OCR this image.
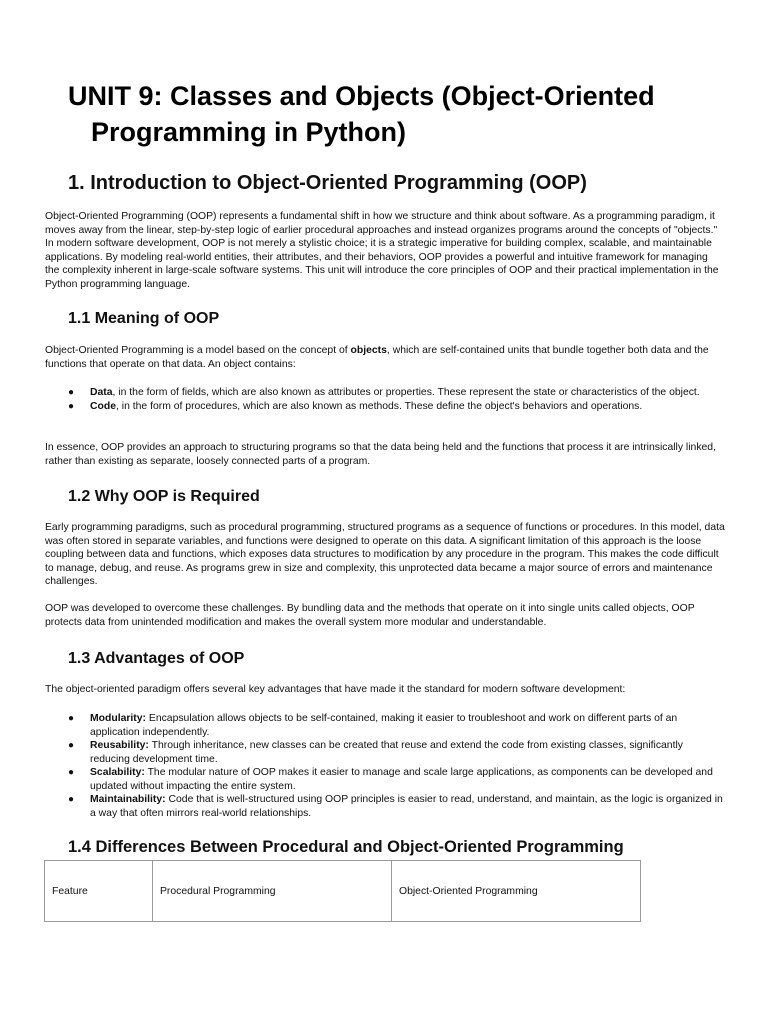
UNIT 9: Classes and Objects (Object-Oriented
Programming in Python)
1. Introduction to Object-Oriented Programming (OOP)

Object-Oriented Programming (OOP) represents a fundamental shift in how we structure and think about software. As a programming paradigm, it moves away from the linear, step-by-step logic of earlier procedural approaches and instead organizes programs around the concepts of "objects." In modern software development, OOP is not merely a stylistic choice; it is a strategic imperative for building complex, scalable, and maintainable applications. By modeling real-world entities, their attributes, and their behaviors, OOP provides a powerful and intuitive framework for managing the complexity inherent in large-scale software systems. This unit will introduce the core principles of OOP and their practical implementation in the Python programming language.

1.1 Meaning of OOP

Object-Oriented Programming is a model based on the concept of objects, which are self-contained units that bundle together both data and the functions that operate on that data. An object contains:

● Data, in the form of fields, which are also known as attributes or properties. These represent the state or characteristics of the object.
● Code, in the form of procedures, which are also known as methods. These define the object's behaviors and operations.

In essence, OOP provides an approach to structuring programs so that the data being held and the functions that process it are intrinsically linked, rather than existing as separate, loosely connected parts of a program.

1.2 Why OOP is Required

Early programming paradigms, such as procedural programming, structured programs as a sequence of functions or procedures. In this model, data was often stored in separate variables, and functions were designed to operate on this data. A significant limitation of this approach is the loose coupling between data and functions, which exposes data structures to modification by any procedure in the program. This makes the code difficult to manage, debug, and reuse. As programs grew in size and complexity, this unprotected data became a major source of errors and maintenance challenges.

OOP was developed to overcome these challenges. By bundling data and the methods that operate on it into single units called objects, OOP protects data from unintended modification and makes the overall system more modular and understandable.

1.3 Advantages of OOP

The object-oriented paradigm offers several key advantages that have made it the standard for modern software development:

● Modularity: Encapsulation allows objects to be self-contained, making it easier to troubleshoot and work on different parts of an application independently.
● Reusability: Through inheritance, new classes can be created that reuse and extend the code from existing classes, significantly reducing development time.
● Scalability: The modular nature of OOP makes it easier to manage and scale large applications, as components can be developed and updated without impacting the entire system.
● Maintainability: Code that is well-structured using OOP principles is easier to read, understand, and maintain, as the logic is organized in a way that often mirrors real-world relationships.
1.4 Differences Between Procedural and Object-Oriented Programming
Feature	Procedural Programming	Object-Oriented Programming
